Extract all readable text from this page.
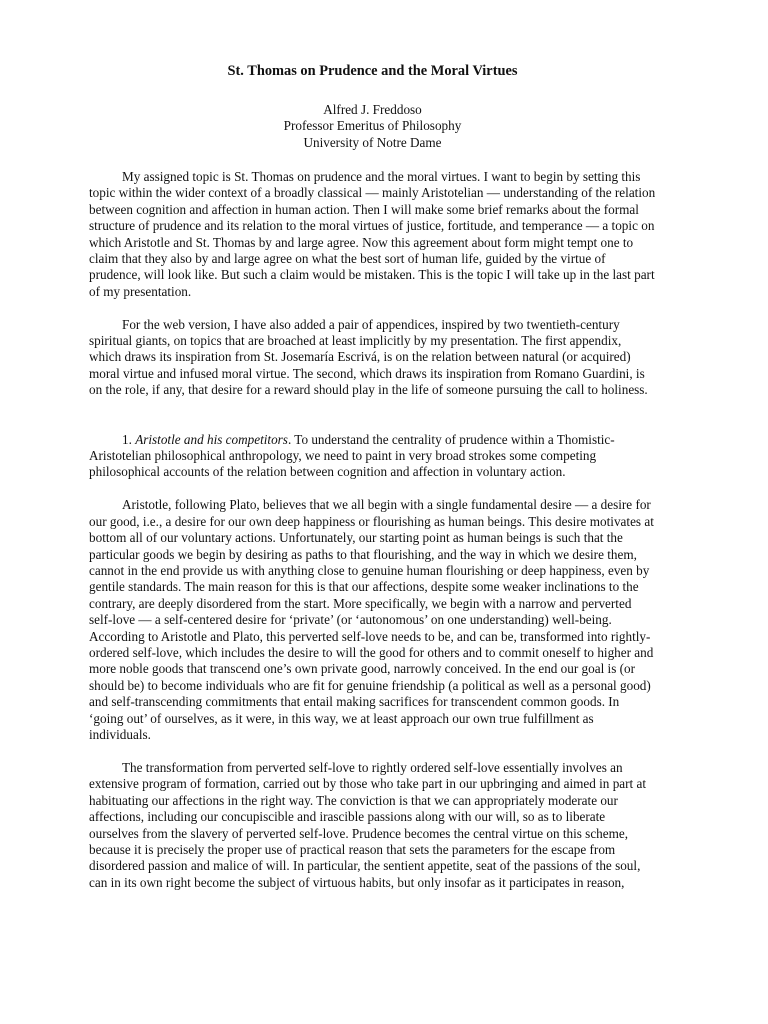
St. Thomas on Prudence and the Moral Virtues
Alfred J. Freddoso
Professor Emeritus of Philosophy
University of Notre Dame

My assigned topic is St. Thomas on prudence and the moral virtues. I want to begin by setting this topic within the wider context of a broadly classical — mainly Aristotelian — understanding of the relation between cognition and affection in human action. Then I will make some brief remarks about the formal structure of prudence and its relation to the moral virtues of justice, fortitude, and temperance — a topic on which Aristotle and St. Thomas by and large agree. Now this agreement about form might tempt one to claim that they also by and large agree on what the best sort of human life, guided by the virtue of prudence, will look like. But such a claim would be mistaken. This is the topic I will take up in the last part of my presentation.

For the web version, I have also added a pair of appendices, inspired by two twentieth-century spiritual giants, on topics that are broached at least implicitly by my presentation. The first appendix, which draws its inspiration from St. Josemaría Escrivá, is on the relation between natural (or acquired) moral virtue and infused moral virtue. The second, which draws its inspiration from Romano Guardini, is on the role, if any, that desire for a reward should play in the life of someone pursuing the call to holiness.

1. Aristotle and his competitors. To understand the centrality of prudence within a Thomistic-Aristotelian philosophical anthropology, we need to paint in very broad strokes some competing philosophical accounts of the relation between cognition and affection in voluntary action.

Aristotle, following Plato, believes that we all begin with a single fundamental desire — a desire for our good, i.e., a desire for our own deep happiness or flourishing as human beings. This desire motivates at bottom all of our voluntary actions. Unfortunately, our starting point as human beings is such that the particular goods we begin by desiring as paths to that flourishing, and the way in which we desire them, cannot in the end provide us with anything close to genuine human flourishing or deep happiness, even by gentile standards. The main reason for this is that our affections, despite some weaker inclinations to the contrary, are deeply disordered from the start. More specifically, we begin with a narrow and perverted self-love — a self-centered desire for ‘private’ (or ‘autonomous’ on one understanding) well-being. According to Aristotle and Plato, this perverted self-love needs to be, and can be, transformed into rightly-ordered self-love, which includes the desire to will the good for others and to commit oneself to higher and more noble goods that transcend one’s own private good, narrowly conceived. In the end our goal is (or should be) to become individuals who are fit for genuine friendship (a political as well as a personal good) and self-transcending commitments that entail making sacrifices for transcendent common goods. In ‘going out’ of ourselves, as it were, in this way, we at least approach our own true fulfillment as individuals.

The transformation from perverted self-love to rightly ordered self-love essentially involves an extensive program of formation, carried out by those who take part in our upbringing and aimed in part at habituating our affections in the right way. The conviction is that we can appropriately moderate our affections, including our concupiscible and irascible passions along with our will, so as to liberate ourselves from the slavery of perverted self-love. Prudence becomes the central virtue on this scheme, because it is precisely the proper use of practical reason that sets the parameters for the escape from disordered passion and malice of will. In particular, the sentient appetite, seat of the passions of the soul, can in its own right become the subject of virtuous habits, but only insofar as it participates in reason,
